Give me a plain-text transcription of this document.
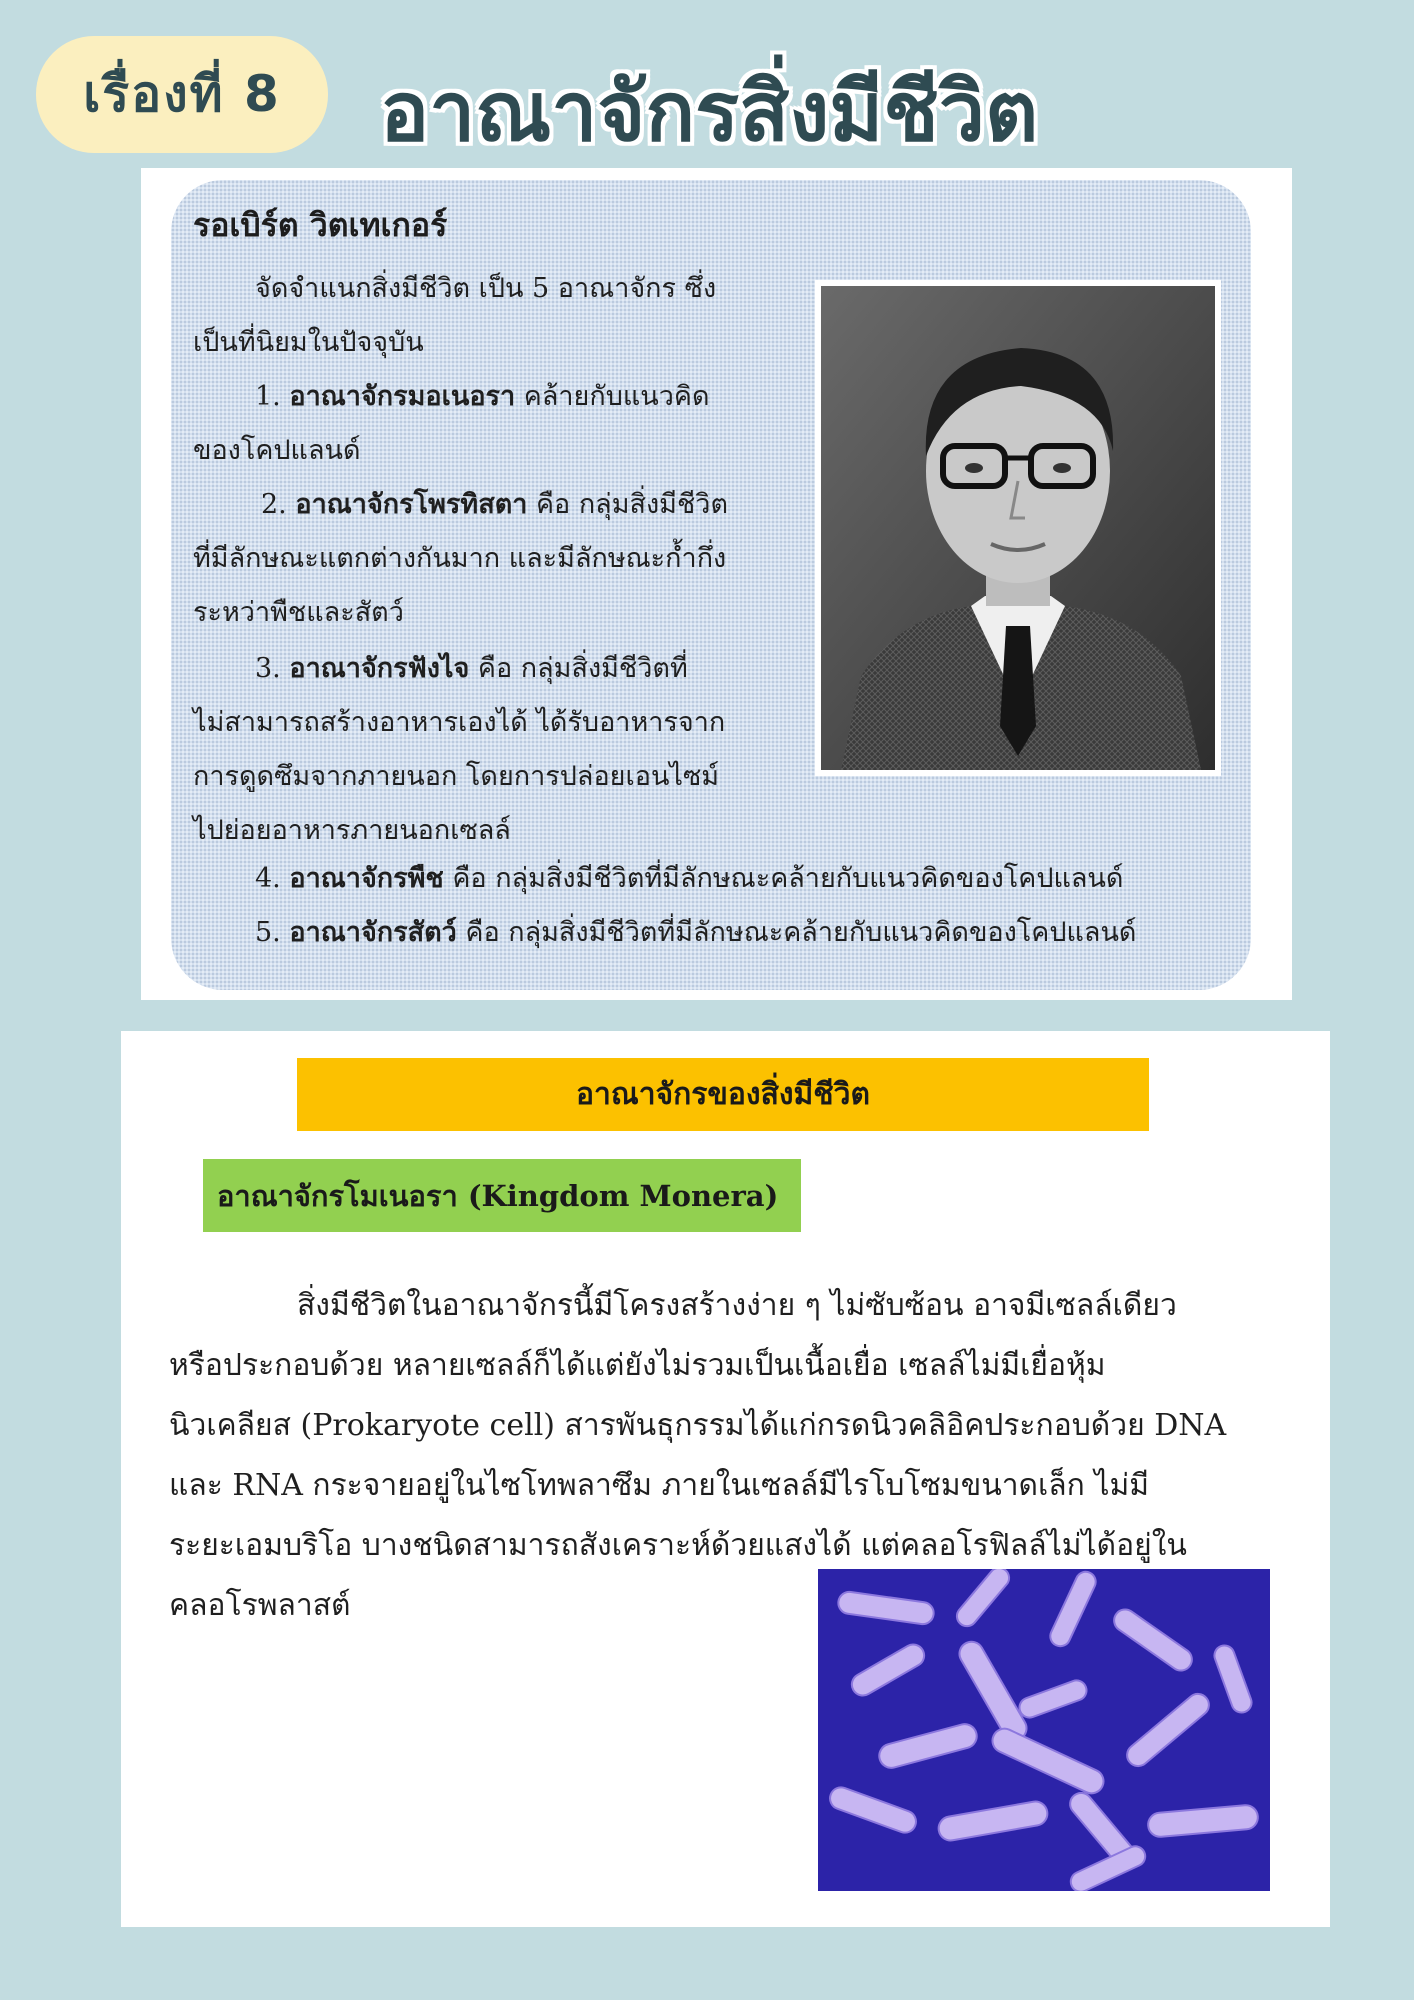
เรื่องที่ 8	อาณาจักรสิ่งมีชีวิต
รอเบิร์ต วิตเทเกอร์

จัดจำแนกสิ่งมีชีวิต เป็น 5 อาณาจักร ซึ่ง

เป็นที่นิยมในปัจจุบัน

1. อาณาจักรมอเนอรา คล้ายกับแนวคิด

ของโคปแลนด์

2. อาณาจักรโพรทิสตา คือ กลุ่มสิ่งมีชีวิต

ที่มีลักษณะแตกต่างกันมาก และมีลักษณะก้ำกึ่ง

ระหว่าพืชและสัตว์

3. อาณาจักรฟังไจ คือ กลุ่มสิ่งมีชีวิตที่

ไม่สามารถสร้างอาหารเองได้ ได้รับอาหารจาก

การดูดซึมจากภายนอก โดยการปล่อยเอนไซม์

ไปย่อยอาหารภายนอกเซลล์

4. อาณาจักรพืช คือ กลุ่มสิ่งมีชีวิตที่มีลักษณะคล้ายกับแนวคิดของโคปแลนด์

5. อาณาจักรสัตว์ คือ กลุ่มสิ่งมีชีวิตที่มีลักษณะคล้ายกับแนวคิดของโคปแลนด์

อาณาจักรของสิ่งมีชีวิต
อาณาจักรโมเนอรา (Kingdom Monera)

สิ่งมีชีวิตในอาณาจักรนี้มีโครงสร้างง่าย ๆ ไม่ซับซ้อน อาจมีเซลล์เดียว

หรือประกอบด้วย หลายเซลล์ก็ได้แต่ยังไม่รวมเป็นเนื้อเยื่อ เซลล์ไม่มีเยื่อหุ้ม

นิวเคลียส (Prokaryote cell) สารพันธุกรรมได้แก่กรดนิวคลิอิคประกอบด้วย DNA

และ RNA กระจายอยู่ในไซโทพลาซึม ภายในเซลล์มีไรโบโซมขนาดเล็ก ไม่มี

ระยะเอมบริโอ บางชนิดสามารถสังเคราะห์ด้วยแสงได้ แต่คลอโรฟิลล์ไม่ได้อยู่ใน

คลอโรพลาสต์
